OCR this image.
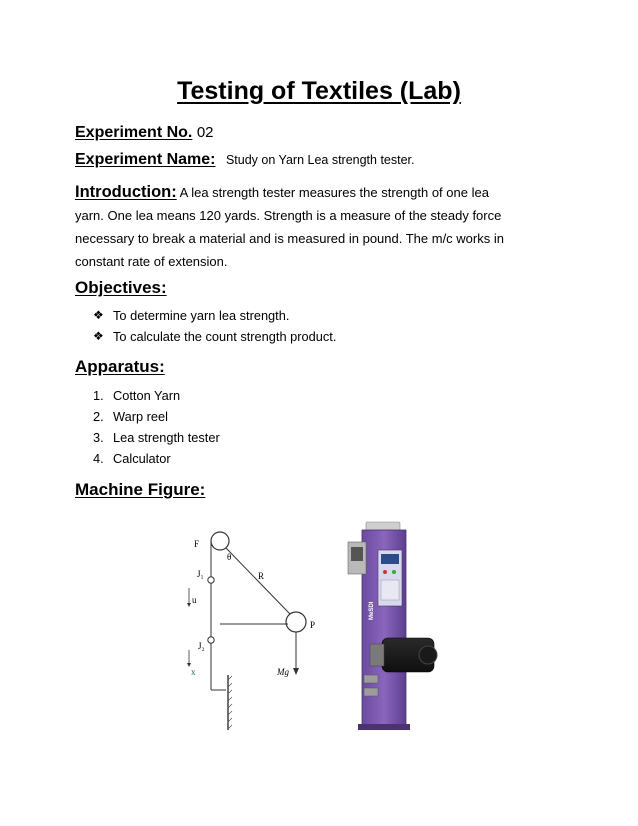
Testing of Textiles (Lab)
Experiment No. 02
Experiment Name: Study on Yarn Lea strength tester.
Introduction: A lea strength tester measures the strength of one lea
yarn. One lea means 120 yards. Strength is a measure of the steady force
necessary to break a material and is measured in pound. The m/c works in
constant rate of extension.
Objectives:
❖ To determine yarn lea strength.
❖ To calculate the count strength product.
Apparatus:
1. Cotton Yarn
2. Warp reel
3. Lea strength tester
4. Calculator
Machine Figure:
F
θ
J₁	R
u
P
J₂
x	Mg
MeSDI
